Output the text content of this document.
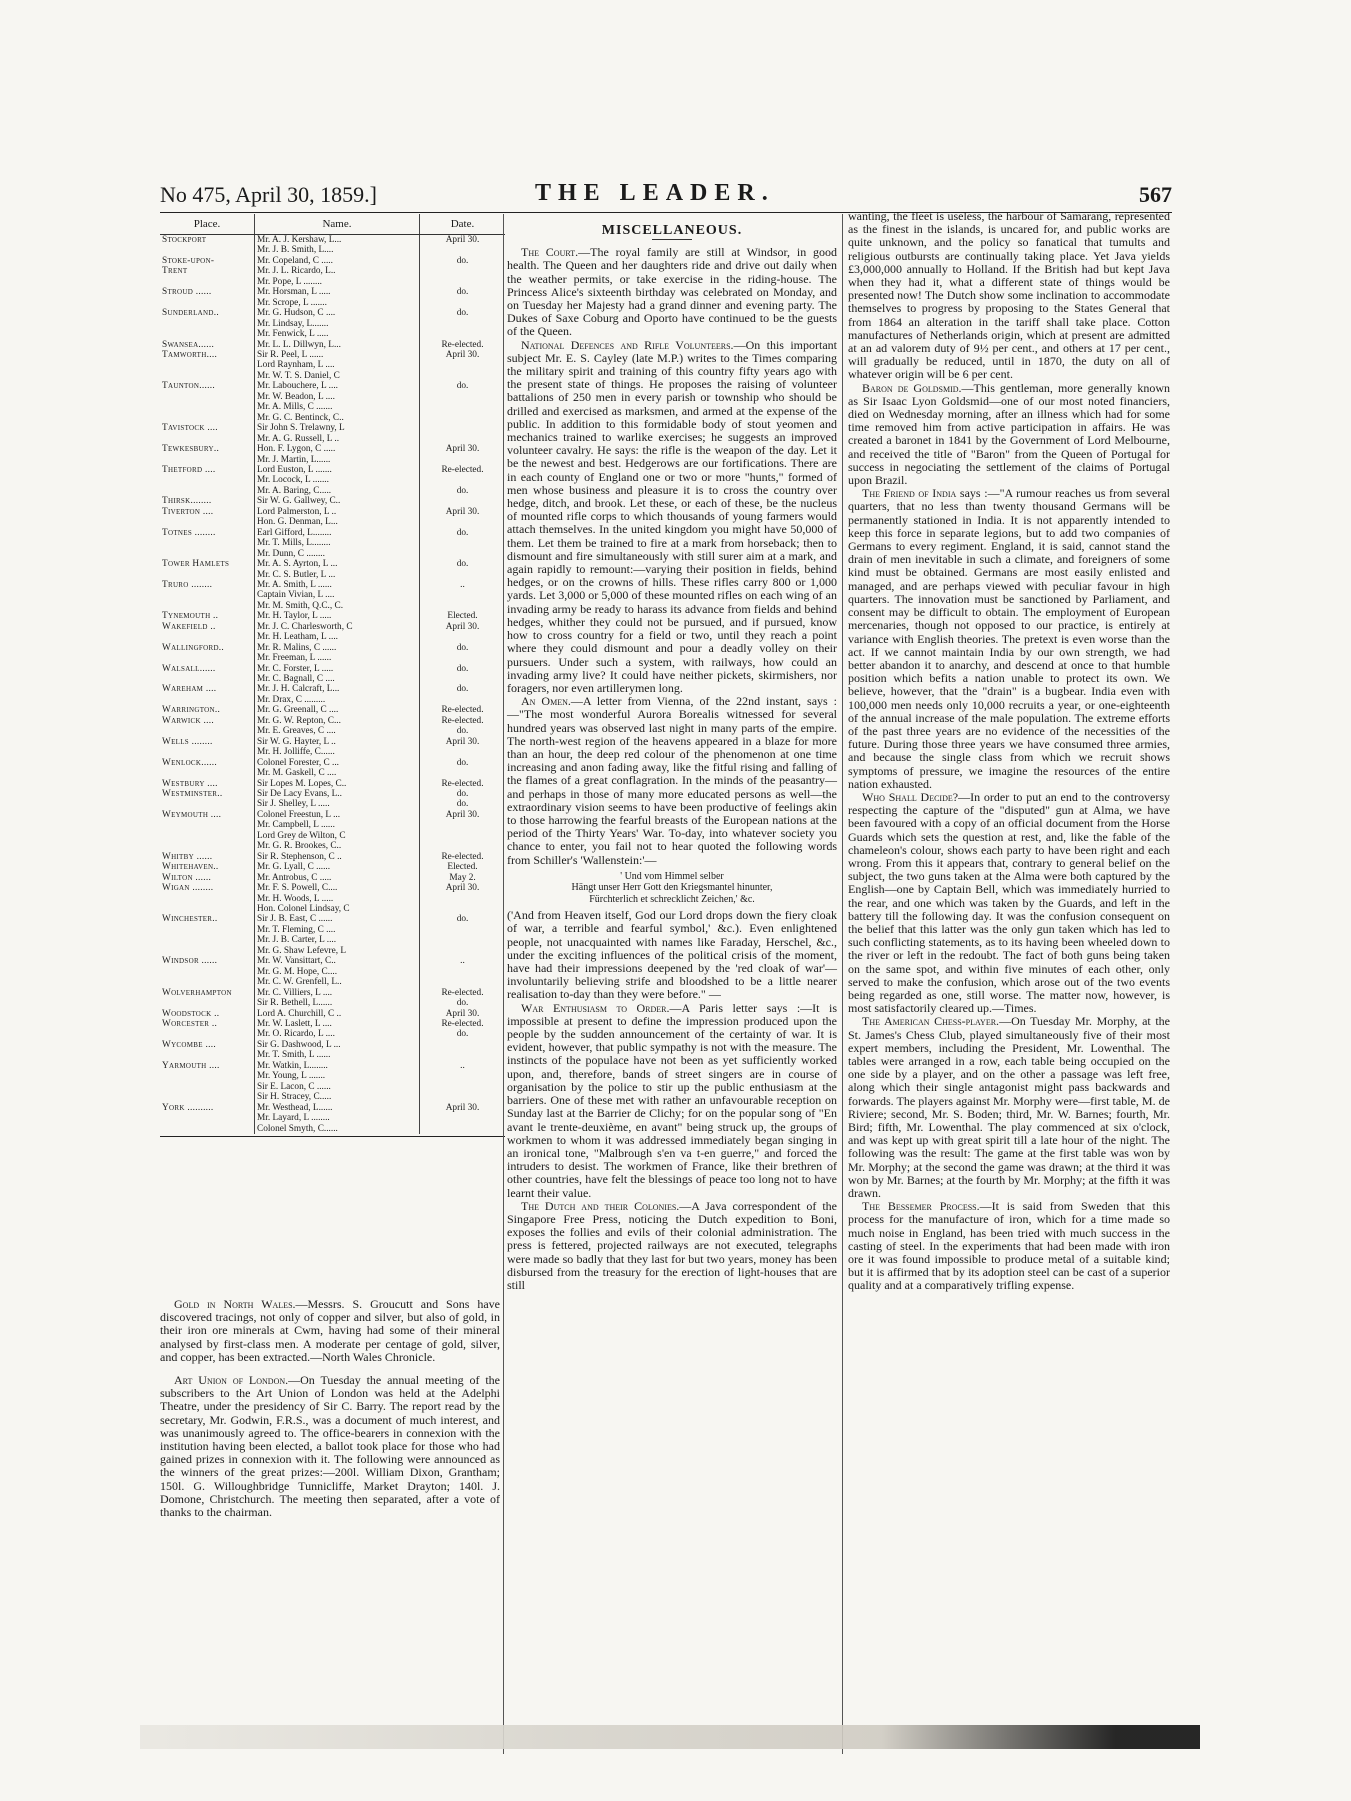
No 475, April 30, 1859.]	THE LEADER.	567
Place.	Name.	Date.
Stockport	Mr. A. J. Kershaw, L...	April 30.
	Mr. J. B. Smith, L....	
Stoke-upon-	Mr. Copeland, C .....	do.
Trent	Mr. J. L. Ricardo, L..	
	Mr. Pope, L ........	
Stroud ......	Mr. Horsman, L .....	do.
	Mr. Scrope, L .......	
Sunderland..	Mr. G. Hudson, C ....	do.
	Mr. Lindsay, L.......	
	Mr. Fenwick, L .....	
Swansea......	Mr. L. L. Dillwyn, L...	Re-elected.
Tamworth....	Sir R. Peel, L ......	April 30.
	Lord Raynham, L ....	
	Mr. W. T. S. Daniel, C	
Taunton......	Mr. Labouchere, L ....	do.
	Mr. W. Beadon, L ....	
	Mr. A. Mills, C .......	
	Mr. G. C. Bentinck, C..	
Tavistock ....	Sir John S. Trelawny, L	
	Mr. A. G. Russell, L ..	
Tewkesbury..	Hon. F. Lygon, C .....	April 30.
	Mr. J. Martin, L......	
Thetford ....	Lord Euston, L .......	Re-elected.
	Mr. Locock, L .......	
	Mr. A. Baring, C.....	do.
Thirsk........	Sir W. G. Gallwey, C..	
Tiverton ....	Lord Palmerston, L ..	April 30.
	Hon. G. Denman, L...	
Totnes ........	Earl Gifford, L........	do.
	Mr. T. Mills, L........	
	Mr. Dunn, C ........	
Tower Hamlets	Mr. A. S. Ayrton, L ...	do.
	Mr. C. S. Butler, L ...	
Truro ........	Mr. A. Smith, L ......	..
	Captain Vivian, L ....	
	Mr. M. Smith, Q.C., C.	
Tynemouth ..	Mr. H. Taylor, L .....	Elected.
Wakefield ..	Mr. J. C. Charlesworth, C	April 30.
	Mr. H. Leatham, L ....	
Wallingford..	Mr. R. Malins, C ......	do.
	Mr. Freeman, L ......	
Walsall......	Mr. C. Forster, L .....	do.
	Mr. C. Bagnall, C ....	
Wareham ....	Mr. J. H. Calcraft, L...	do.
	Mr. Drax, C .........	
Warrington..	Mr. G. Greenall, C ....	Re-elected.
Warwick ....	Mr. G. W. Repton, C...	Re-elected.
	Mr. E. Greaves, C ....	do.
Wells ........	Sir W. G. Hayter, L ..	April 30.
	Mr. H. Jolliffe, C......	
Wenlock......	Colonel Forester, C ...	do.
	Mr. M. Gaskell, C ....	
Westbury ....	Sir Lopes M. Lopes, C..	Re-elected.
Westminster..	Sir De Lacy Evans, L..	do.
	Sir J. Shelley, L .....	do.
Weymouth ....	Colonel Freestun, L ...	April 30.
	Mr. Campbell, L ......	
	Lord Grey de Wilton, C	
	Mr. G. R. Brookes, C..	
Whitby ......	Sir R. Stephenson, C ..	Re-elected.
Whitehaven..	Mr. G. Lyall, C ......	Elected.
Wilton ......	Mr. Antrobus, C .....	May 2.
Wigan ........	Mr. F. S. Powell, C....	April 30.
	Mr. H. Woods, L .....	
	Hon. Colonel Lindsay, C	
Winchester..	Sir J. B. East, C ......	do.
	Mr. T. Fleming, C ....	
	Mr. J. B. Carter, L ....	
	Mr. G. Shaw Lefevre, L	
Windsor ......	Mr. W. Vansittart, C..	..
	Mr. G. M. Hope, C....	
	Mr. C. W. Grenfell, L..	
Wolverhampton	Mr. C. Villiers, L ....	Re-elected.
	Sir R. Bethell, L......	do.
Woodstock ..	Lord A. Churchill, C ..	April 30.
Worcester ..	Mr. W. Laslett, L ....	Re-elected.
	Mr. O. Ricardo, L ....	do.
Wycombe ....	Sir G. Dashwood, L ...	
	Mr. T. Smith, L ......	
Yarmouth ....	Mr. Watkin, L........	..
	Mr. Young, L .......	
	Sir E. Lacon, C ......	
	Sir H. Stracey, C.....	
York ..........	Mr. Westhead, L......	April 30.
	Mr. Layard, L ........	
	Colonel Smyth, C......	

Gold in North Wales.—Messrs. S. Groucutt and Sons have discovered tracings, not only of copper and silver, but also of gold, in their iron ore minerals at Cwm, having had some of their mineral analysed by first-class men. A moderate per centage of gold, silver, and copper, has been extracted.—North Wales Chronicle.

Art Union of London.—On Tuesday the annual meeting of the subscribers to the Art Union of London was held at the Adelphi Theatre, under the presidency of Sir C. Barry. The report read by the secretary, Mr. Godwin, F.R.S., was a document of much interest, and was unanimously agreed to. The office-bearers in connexion with the institution having been elected, a ballot took place for those who had gained prizes in connexion with it. The following were announced as the winners of the great prizes:—200l. William Dixon, Grantham; 150l. G. Willoughbridge Tunnicliffe, Market Drayton; 140l. J. Domone, Christchurch. The meeting then separated, after a vote of thanks to the chairman.

MISCELLANEOUS.

The Court.—The royal family are still at Windsor, in good health. The Queen and her daughters ride and drive out daily when the weather permits, or take exercise in the riding-house. The Princess Alice's sixteenth birthday was celebrated on Monday, and on Tuesday her Majesty had a grand dinner and evening party. The Dukes of Saxe Coburg and Oporto have continued to be the guests of the Queen.

National Defences and Rifle Volunteers.—On this important subject Mr. E. S. Cayley (late M.P.) writes to the Times comparing the military spirit and training of this country fifty years ago with the present state of things. He proposes the raising of volunteer battalions of 250 men in every parish or township who should be drilled and exercised as marksmen, and armed at the expense of the public. In addition to this formidable body of stout yeomen and mechanics trained to warlike exercises; he suggests an improved volunteer cavalry. He says: the rifle is the weapon of the day. Let it be the newest and best. Hedgerows are our fortifications. There are in each county of England one or two or more "hunts," formed of men whose business and pleasure it is to cross the country over hedge, ditch, and brook. Let these, or each of these, be the nucleus of mounted rifle corps to which thousands of young farmers would attach themselves. In the united kingdom you might have 50,000 of them. Let them be trained to fire at a mark from horseback; then to dismount and fire simultaneously with still surer aim at a mark, and again rapidly to remount:—varying their position in fields, behind hedges, or on the crowns of hills. These rifles carry 800 or 1,000 yards. Let 3,000 or 5,000 of these mounted rifles on each wing of an invading army be ready to harass its advance from fields and behind hedges, whither they could not be pursued, and if pursued, know how to cross country for a field or two, until they reach a point where they could dismount and pour a deadly volley on their pursuers. Under such a system, with railways, how could an invading army live? It could have neither pickets, skirmishers, nor foragers, nor even artillerymen long.

An Omen.—A letter from Vienna, of the 22nd instant, says :—"The most wonderful Aurora Borealis witnessed for several hundred years was observed last night in many parts of the empire. The north-west region of the heavens appeared in a blaze for more than an hour, the deep red colour of the phenomenon at one time increasing and anon fading away, like the fitful rising and falling of the flames of a great conflagration. In the minds of the peasantry—and perhaps in those of many more educated persons as well—the extraordinary vision seems to have been productive of feelings akin to those harrowing the fearful breasts of the European nations at the period of the Thirty Years' War. To-day, into whatever society you chance to enter, you fail not to hear quoted the following words from Schiller's 'Wallenstein:'—

' Und vom Himmel selber
Hängt unser Herr Gott den Kriegsmantel hinunter,
Fürchterlich et schrecklicht Zeichen,' &c.

('And from Heaven itself, God our Lord drops down the fiery cloak of war, a terrible and fearful symbol,' &c.). Even enlightened people, not unacquainted with names like Faraday, Herschel, &c., under the exciting influences of the political crisis of the moment, have had their impressions deepened by the 'red cloak of war'—involuntarily believing strife and bloodshed to be a little nearer realisation to-day than they were before." —

War Enthusiasm to Order.—A Paris letter says :—It is impossible at present to define the impression produced upon the people by the sudden announcement of the certainty of war. It is evident, however, that public sympathy is not with the measure. The instincts of the populace have not been as yet sufficiently worked upon, and, therefore, bands of street singers are in course of organisation by the police to stir up the public enthusiasm at the barriers. One of these met with rather an unfavourable reception on Sunday last at the Barrier de Clichy; for on the popular song of "En avant le trente-deuxième, en avant" being struck up, the groups of workmen to whom it was addressed immediately began singing in an ironical tone, "Malbrough s'en va t-en guerre," and forced the intruders to desist. The workmen of France, like their brethren of other countries, have felt the blessings of peace too long not to have learnt their value.

The Dutch and their Colonies.—A Java correspondent of the Singapore Free Press, noticing the Dutch expedition to Boni, exposes the follies and evils of their colonial administration. The press is fettered, projected railways are not executed, telegraphs were made so badly that they last for but two years, money has been disbursed from the treasury for the erection of light-houses that are still

wanting, the fleet is useless, the harbour of Samarang, represented as the finest in the islands, is uncared for, and public works are quite unknown, and the policy so fanatical that tumults and religious outbursts are continually taking place. Yet Java yields £3,000,000 annually to Holland. If the British had but kept Java when they had it, what a different state of things would be presented now! The Dutch show some inclination to accommodate themselves to progress by proposing to the States General that from 1864 an alteration in the tariff shall take place. Cotton manufactures of Netherlands origin, which at present are admitted at an ad valorem duty of 9½ per cent., and others at 17 per cent., will gradually be reduced, until in 1870, the duty on all of whatever origin will be 6 per cent.

Baron de Goldsmid.—This gentleman, more generally known as Sir Isaac Lyon Goldsmid—one of our most noted financiers, died on Wednesday morning, after an illness which had for some time removed him from active participation in affairs. He was created a baronet in 1841 by the Government of Lord Melbourne, and received the title of "Baron" from the Queen of Portugal for success in negociating the settlement of the claims of Portugal upon Brazil.

The Friend of India says :—"A rumour reaches us from several quarters, that no less than twenty thousand Germans will be permanently stationed in India. It is not apparently intended to keep this force in separate legions, but to add two companies of Germans to every regiment. England, it is said, cannot stand the drain of men inevitable in such a climate, and foreigners of some kind must be obtained. Germans are most easily enlisted and managed, and are perhaps viewed with peculiar favour in high quarters. The innovation must be sanctioned by Parliament, and consent may be difficult to obtain. The employment of European mercenaries, though not opposed to our practice, is entirely at variance with English theories. The pretext is even worse than the act. If we cannot maintain India by our own strength, we had better abandon it to anarchy, and descend at once to that humble position which befits a nation unable to protect its own. We believe, however, that the "drain" is a bugbear. India even with 100,000 men needs only 10,000 recruits a year, or one-eighteenth of the annual increase of the male population. The extreme efforts of the past three years are no evidence of the necessities of the future. During those three years we have consumed three armies, and because the single class from which we recruit shows symptoms of pressure, we imagine the resources of the entire nation exhausted.

Who Shall Decide?—In order to put an end to the controversy respecting the capture of the "disputed" gun at Alma, we have been favoured with a copy of an official document from the Horse Guards which sets the question at rest, and, like the fable of the chameleon's colour, shows each party to have been right and each wrong. From this it appears that, contrary to general belief on the subject, the two guns taken at the Alma were both captured by the English—one by Captain Bell, which was immediately hurried to the rear, and one which was taken by the Guards, and left in the battery till the following day. It was the confusion consequent on the belief that this latter was the only gun taken which has led to such conflicting statements, as to its having been wheeled down to the river or left in the redoubt. The fact of both guns being taken on the same spot, and within five minutes of each other, only served to make the confusion, which arose out of the two events being regarded as one, still worse. The matter now, however, is most satisfactorily cleared up.—Times.

The American Chess-player.—On Tuesday Mr. Morphy, at the St. James's Chess Club, played simultaneously five of their most expert members, including the President, Mr. Lowenthal. The tables were arranged in a row, each table being occupied on the one side by a player, and on the other a passage was left free, along which their single antagonist might pass backwards and forwards. The players against Mr. Morphy were—first table, M. de Riviere; second, Mr. S. Boden; third, Mr. W. Barnes; fourth, Mr. Bird; fifth, Mr. Lowenthal. The play commenced at six o'clock, and was kept up with great spirit till a late hour of the night. The following was the result: The game at the first table was won by Mr. Morphy; at the second the game was drawn; at the third it was won by Mr. Barnes; at the fourth by Mr. Morphy; at the fifth it was drawn.

The Bessemer Process.—It is said from Sweden that this process for the manufacture of iron, which for a time made so much noise in England, has been tried with much success in the casting of steel. In the experiments that had been made with iron ore it was found impossible to produce metal of a suitable kind; but it is affirmed that by its adoption steel can be cast of a superior quality and at a comparatively trifling expense.
